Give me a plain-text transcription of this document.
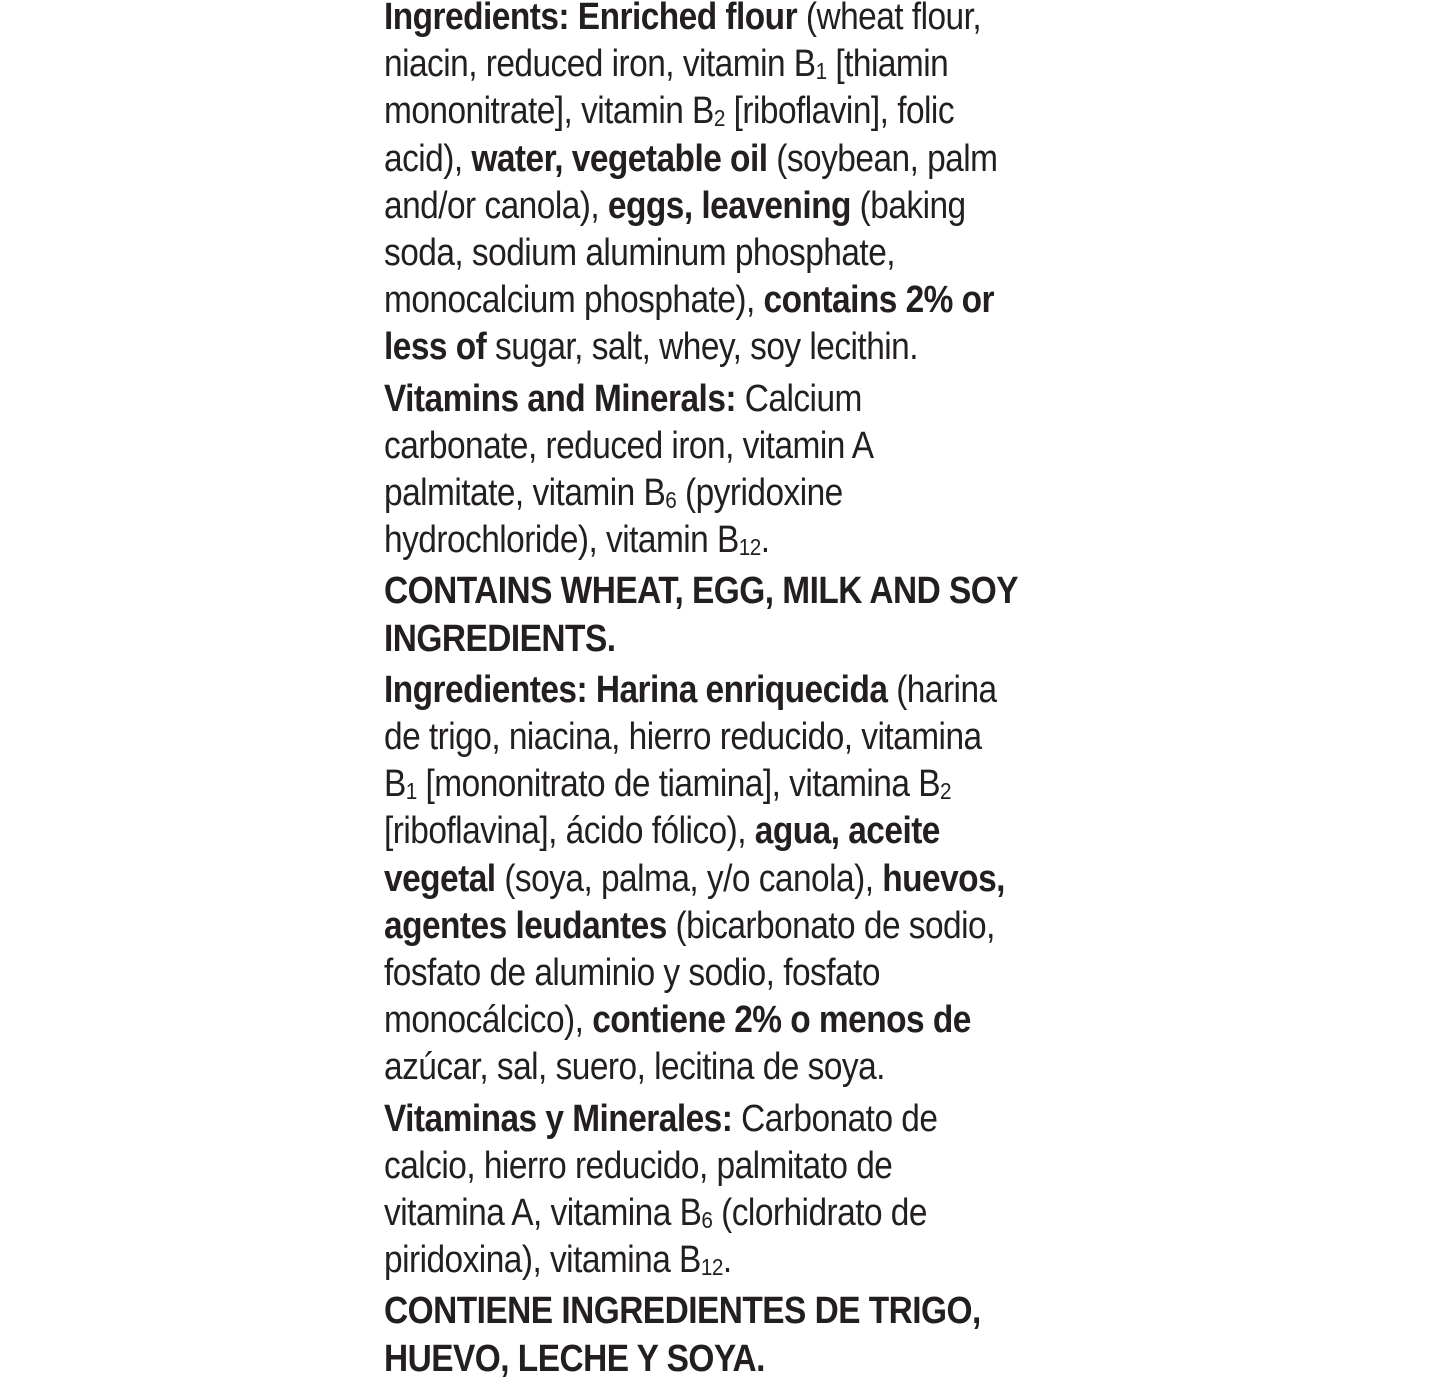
Ingredients: Enriched flour (wheat flour,

niacin, reduced iron, vitamin $B_1$ [thiamin

mononitrate], vitamin $B_2$ [riboflavin], folic

acid), water, vegetable oil (soybean, palm

and/or canola), eggs, leavening (baking

soda, sodium aluminum phosphate,

monocalcium phosphate), contains 2% or

less of sugar, salt, whey, soy lecithin.

Vitamins and Minerals: Calcium

carbonate, reduced iron, vitamin A

palmitate, vitamin $B_6$ (pyridoxine

hydrochloride), vitamin $B_{12}$.

CONTAINS WHEAT, EGG, MILK AND SOY

INGREDIENTS.

Ingredientes: Harina enriquecida (harina

de trigo, niacina, hierro reducido, vitamina

$B_1$ [mononitrato de tiamina], vitamina $B_2$

[riboflavina], ácido fólico), agua, aceite

vegetal (soya, palma, y/o canola), huevos,

agentes leudantes (bicarbonato de sodio,

fosfato de aluminio y sodio, fosfato

monocálcico), contiene 2% o menos de

azúcar, sal, suero, lecitina de soya.

Vitaminas y Minerales: Carbonato de

calcio, hierro reducido, palmitato de

vitamina A, vitamina $B_6$ (clorhidrato de

piridoxina), vitamina $B_{12}$.

CONTIENE INGREDIENTES DE TRIGO,

HUEVO, LECHE Y SOYA.
